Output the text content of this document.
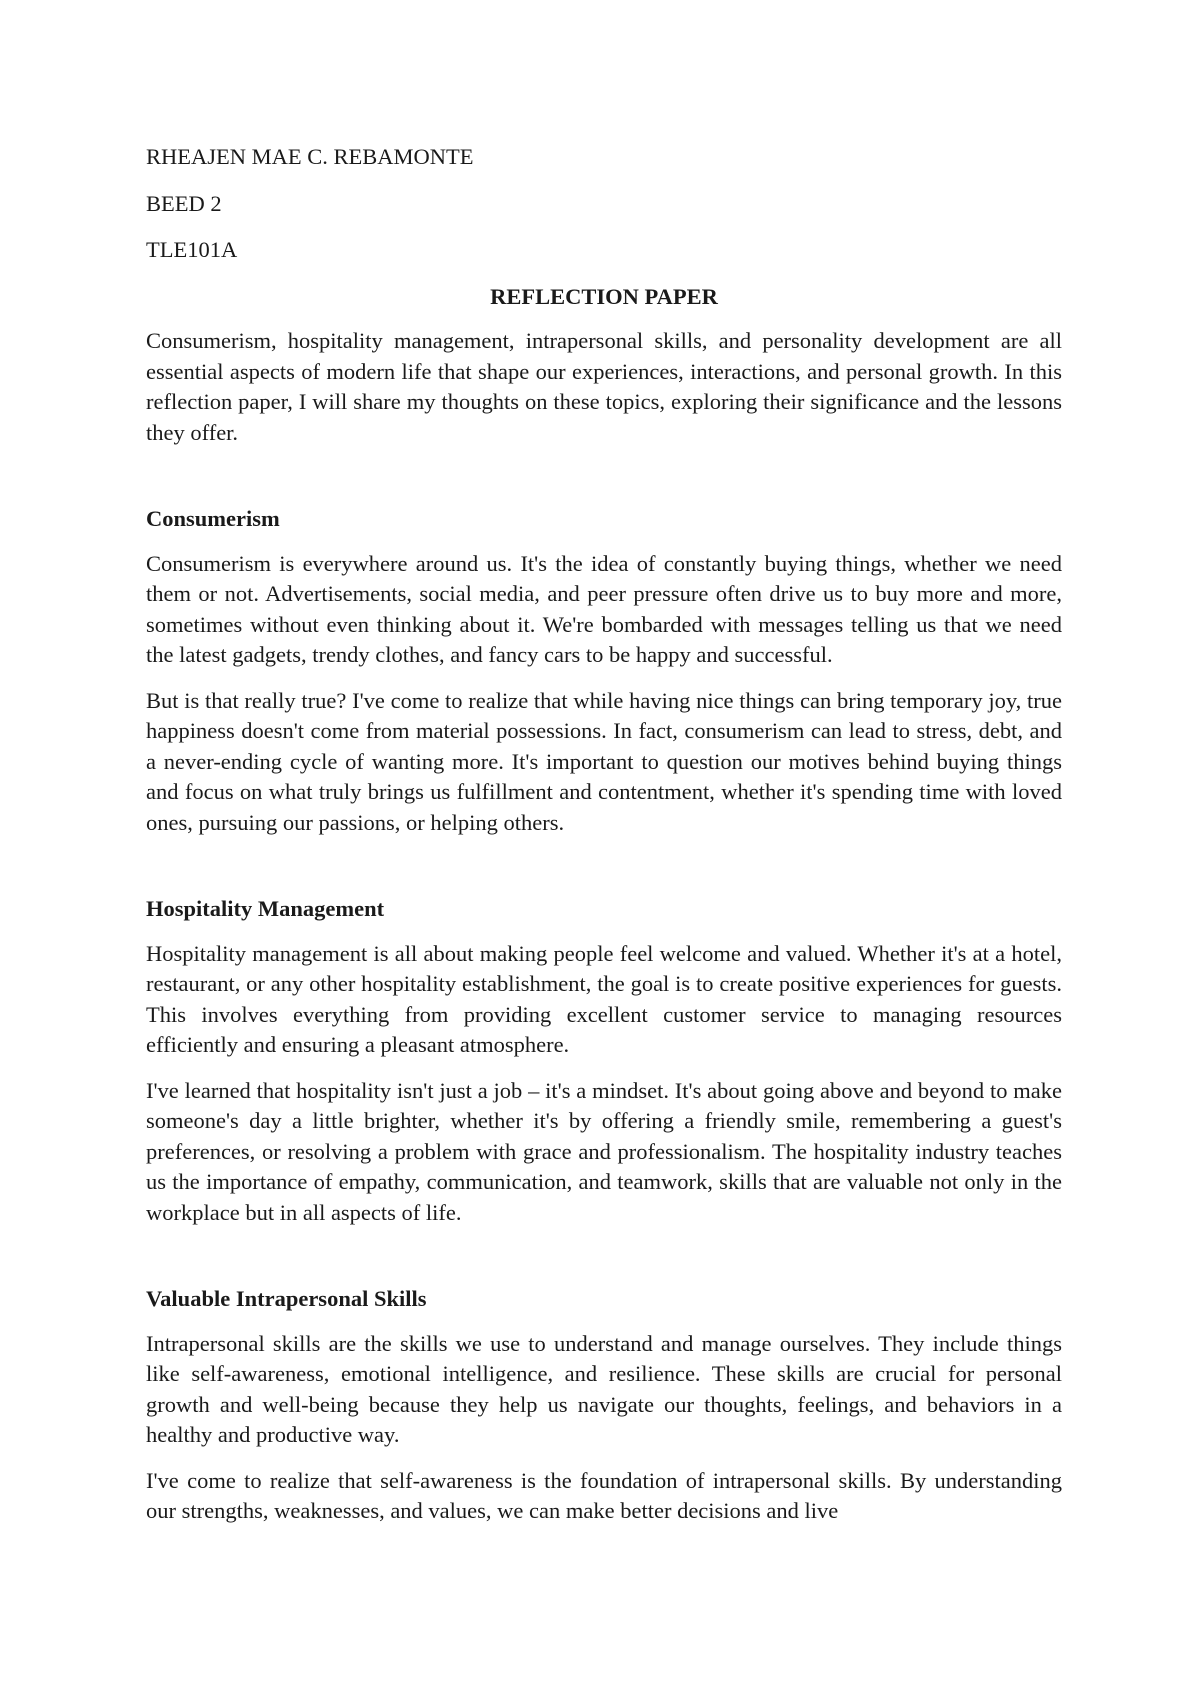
RHEAJEN MAE C. REBAMONTE
BEED 2
TLE101A
REFLECTION PAPER

Consumerism, hospitality management, intrapersonal skills, and personality development are all essential aspects of modern life that shape our experiences, interactions, and personal growth. In this reflection paper, I will share my thoughts on these topics, exploring their significance and the lessons they offer.

Consumerism

Consumerism is everywhere around us. It's the idea of constantly buying things, whether we need them or not. Advertisements, social media, and peer pressure often drive us to buy more and more, sometimes without even thinking about it. We're bombarded with messages telling us that we need the latest gadgets, trendy clothes, and fancy cars to be happy and successful.

But is that really true? I've come to realize that while having nice things can bring temporary joy, true happiness doesn't come from material possessions. In fact, consumerism can lead to stress, debt, and a never-ending cycle of wanting more. It's important to question our motives behind buying things and focus on what truly brings us fulfillment and contentment, whether it's spending time with loved ones, pursuing our passions, or helping others.

Hospitality Management

Hospitality management is all about making people feel welcome and valued. Whether it's at a hotel, restaurant, or any other hospitality establishment, the goal is to create positive experiences for guests. This involves everything from providing excellent customer service to managing resources efficiently and ensuring a pleasant atmosphere.

I've learned that hospitality isn't just a job – it's a mindset. It's about going above and beyond to make someone's day a little brighter, whether it's by offering a friendly smile, remembering a guest's preferences, or resolving a problem with grace and professionalism. The hospitality industry teaches us the importance of empathy, communication, and teamwork, skills that are valuable not only in the workplace but in all aspects of life.

Valuable Intrapersonal Skills

Intrapersonal skills are the skills we use to understand and manage ourselves. They include things like self-awareness, emotional intelligence, and resilience. These skills are crucial for personal growth and well-being because they help us navigate our thoughts, feelings, and behaviors in a healthy and productive way.

I've come to realize that self-awareness is the foundation of intrapersonal skills. By understanding our strengths, weaknesses, and values, we can make better decisions and live
